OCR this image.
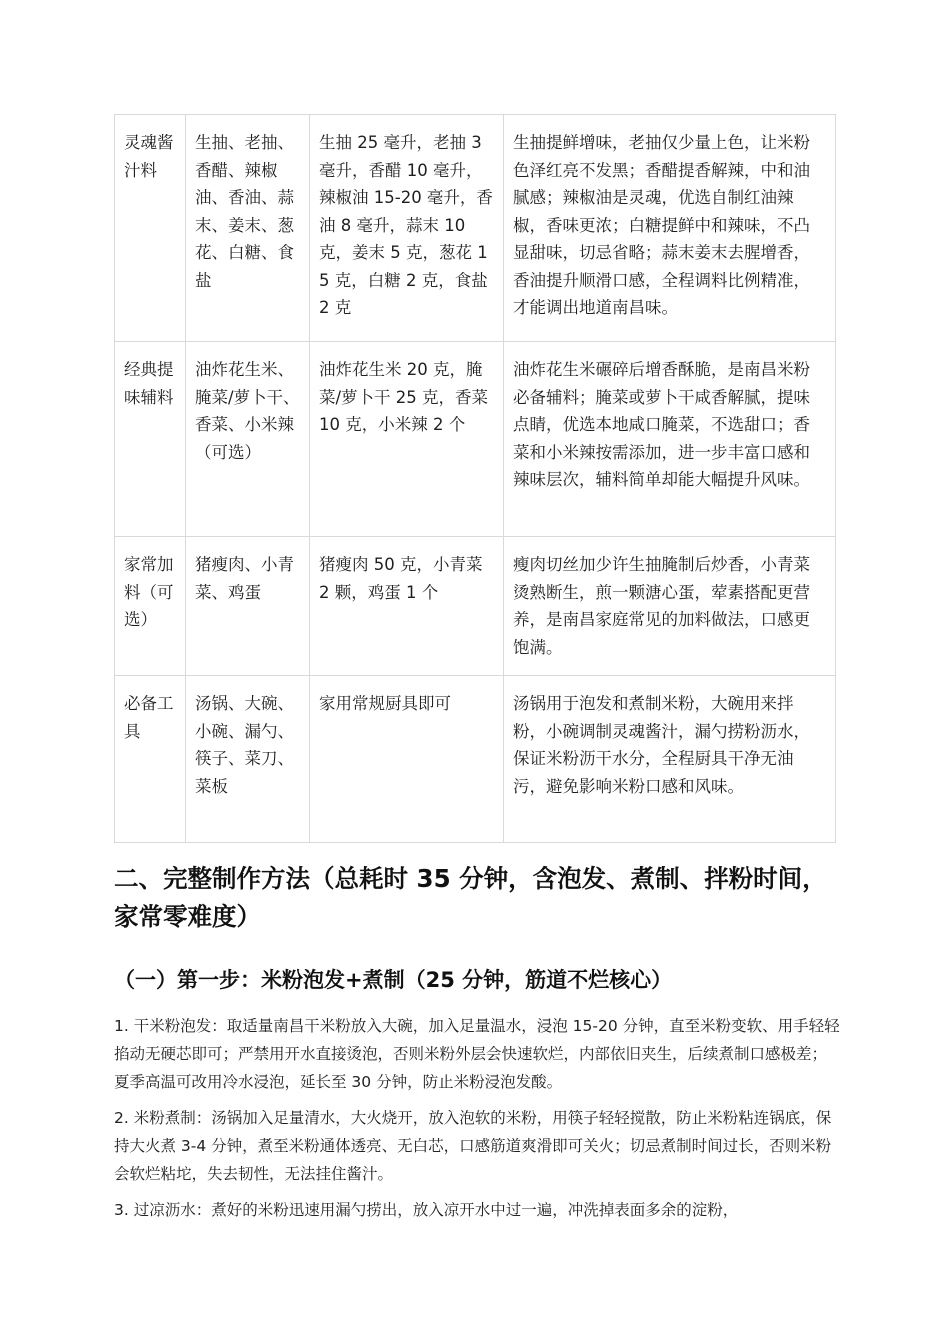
灵魂酱汁料	生抽、老抽、香醋、辣椒油、香油、蒜末、姜末、葱花、白糖、食盐	生抽 25 毫升，老抽 3 毫升，香醋 10 毫升，辣椒油 15-20 毫升，香油 8 毫升，蒜末 10 克，姜末 5 克，葱花 15 克，白糖 2 克，食盐 2 克	生抽提鲜增味，老抽仅少量上色，让米粉色泽红亮不发黑；香醋提香解辣，中和油腻感；辣椒油是灵魂，优选自制红油辣椒，香味更浓；白糖提鲜中和辣味，不凸显甜味，切忌省略；蒜末姜末去腥增香，香油提升顺滑口感，全程调料比例精准，才能调出地道南昌味。
经典提味辅料	油炸花生米、腌菜/萝卜干、香菜、小米辣（可选）	油炸花生米 20 克，腌菜/萝卜干 25 克，香菜 10 克，小米辣 2 个	油炸花生米碾碎后增香酥脆，是南昌米粉必备辅料；腌菜或萝卜干咸香解腻，提味点睛，优选本地咸口腌菜，不选甜口；香菜和小米辣按需添加，进一步丰富口感和辣味层次，辅料简单却能大幅提升风味。
家常加料（可选）	猪瘦肉、小青菜、鸡蛋	猪瘦肉 50 克，小青菜 2 颗，鸡蛋 1 个	瘦肉切丝加少许生抽腌制后炒香，小青菜烫熟断生，煎一颗溏心蛋，荤素搭配更营养，是南昌家庭常见的加料做法，口感更饱满。
必备工具	汤锅、大碗、小碗、漏勺、筷子、菜刀、菜板	家用常规厨具即可	汤锅用于泡发和煮制米粉，大碗用来拌粉，小碗调制灵魂酱汁，漏勺捞粉沥水，保证米粉沥干水分，全程厨具干净无油污，避免影响米粉口感和风味。
二、完整制作方法（总耗时 35 分钟，含泡发、煮制、拌粉时间，家常零难度）
（一）第一步：米粉泡发+煮制（25 分钟，筋道不烂核心）

1. 干米粉泡发：取适量南昌干米粉放入大碗，加入足量温水，浸泡 15-20 分钟，直至米粉变软、用手轻轻掐动无硬芯即可；严禁用开水直接烫泡，否则米粉外层会快速软烂，内部依旧夹生，后续煮制口感极差；夏季高温可改用冷水浸泡，延长至 30 分钟，防止米粉浸泡发酸。

2. 米粉煮制：汤锅加入足量清水，大火烧开，放入泡软的米粉，用筷子轻轻搅散，防止米粉粘连锅底，保持大火煮 3-4 分钟，煮至米粉通体透亮、无白芯，口感筋道爽滑即可关火；切忌煮制时间过长，否则米粉会软烂粘坨，失去韧性，无法挂住酱汁。

3. 过凉沥水：煮好的米粉迅速用漏勺捞出，放入凉开水中过一遍，冲洗掉表面多余的淀粉，
